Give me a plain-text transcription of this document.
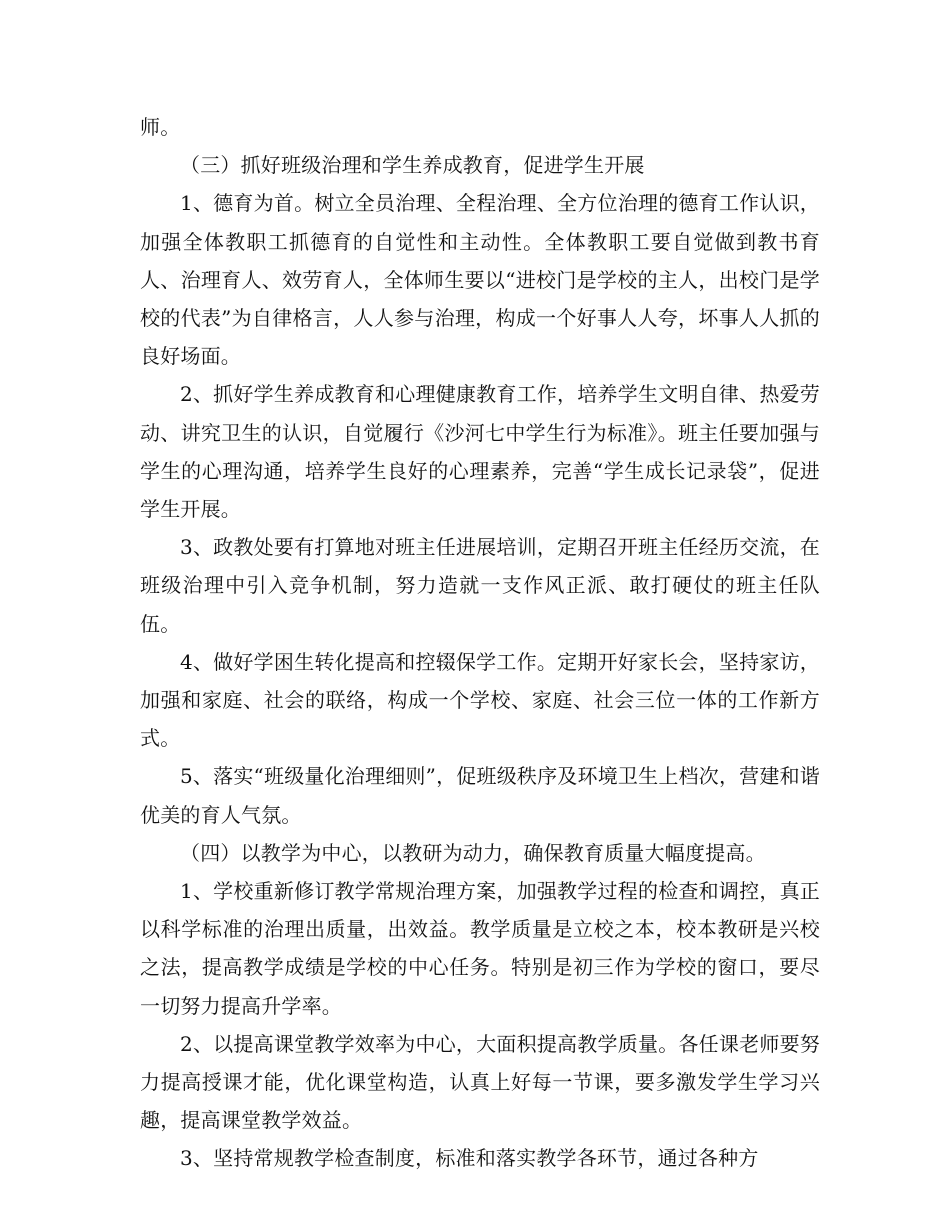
师。

（三）抓好班级治理和学生养成教育，促进学生开展

1、德育为首。树立全员治理、全程治理、全方位治理的德育工作认识，加强全体教职工抓德育的自觉性和主动性。全体教职工要自觉做到教书育人、治理育人、效劳育人，全体师生要以“进校门是学校的主人，出校门是学校的代表”为自律格言，人人参与治理，构成一个好事人人夸，坏事人人抓的良好场面。

2、抓好学生养成教育和心理健康教育工作，培养学生文明自律、热爱劳动、讲究卫生的认识，自觉履行《沙河七中学生行为标准》。班主任要加强与学生的心理沟通，培养学生良好的心理素养，完善“学生成长记录袋”，促进学生开展。

3、政教处要有打算地对班主任进展培训，定期召开班主任经历交流，在班级治理中引入竞争机制，努力造就一支作风正派、敢打硬仗的班主任队伍。

4、做好学困生转化提高和控辍保学工作。定期开好家长会，坚持家访，加强和家庭、社会的联络，构成一个学校、家庭、社会三位一体的工作新方式。

5、落实“班级量化治理细则”，促班级秩序及环境卫生上档次，营建和谐优美的育人气氛。

（四）以教学为中心，以教研为动力，确保教育质量大幅度提高。

1、学校重新修订教学常规治理方案，加强教学过程的检查和调控，真正以科学标准的治理出质量，出效益。教学质量是立校之本，校本教研是兴校之法，提高教学成绩是学校的中心任务。特别是初三作为学校的窗口，要尽一切努力提高升学率。

2、以提高课堂教学效率为中心，大面积提高教学质量。各任课老师要努力提高授课才能，优化课堂构造，认真上好每一节课，要多激发学生学习兴趣，提高课堂教学效益。

3、坚持常规教学检查制度，标准和落实教学各环节，通过各种方
